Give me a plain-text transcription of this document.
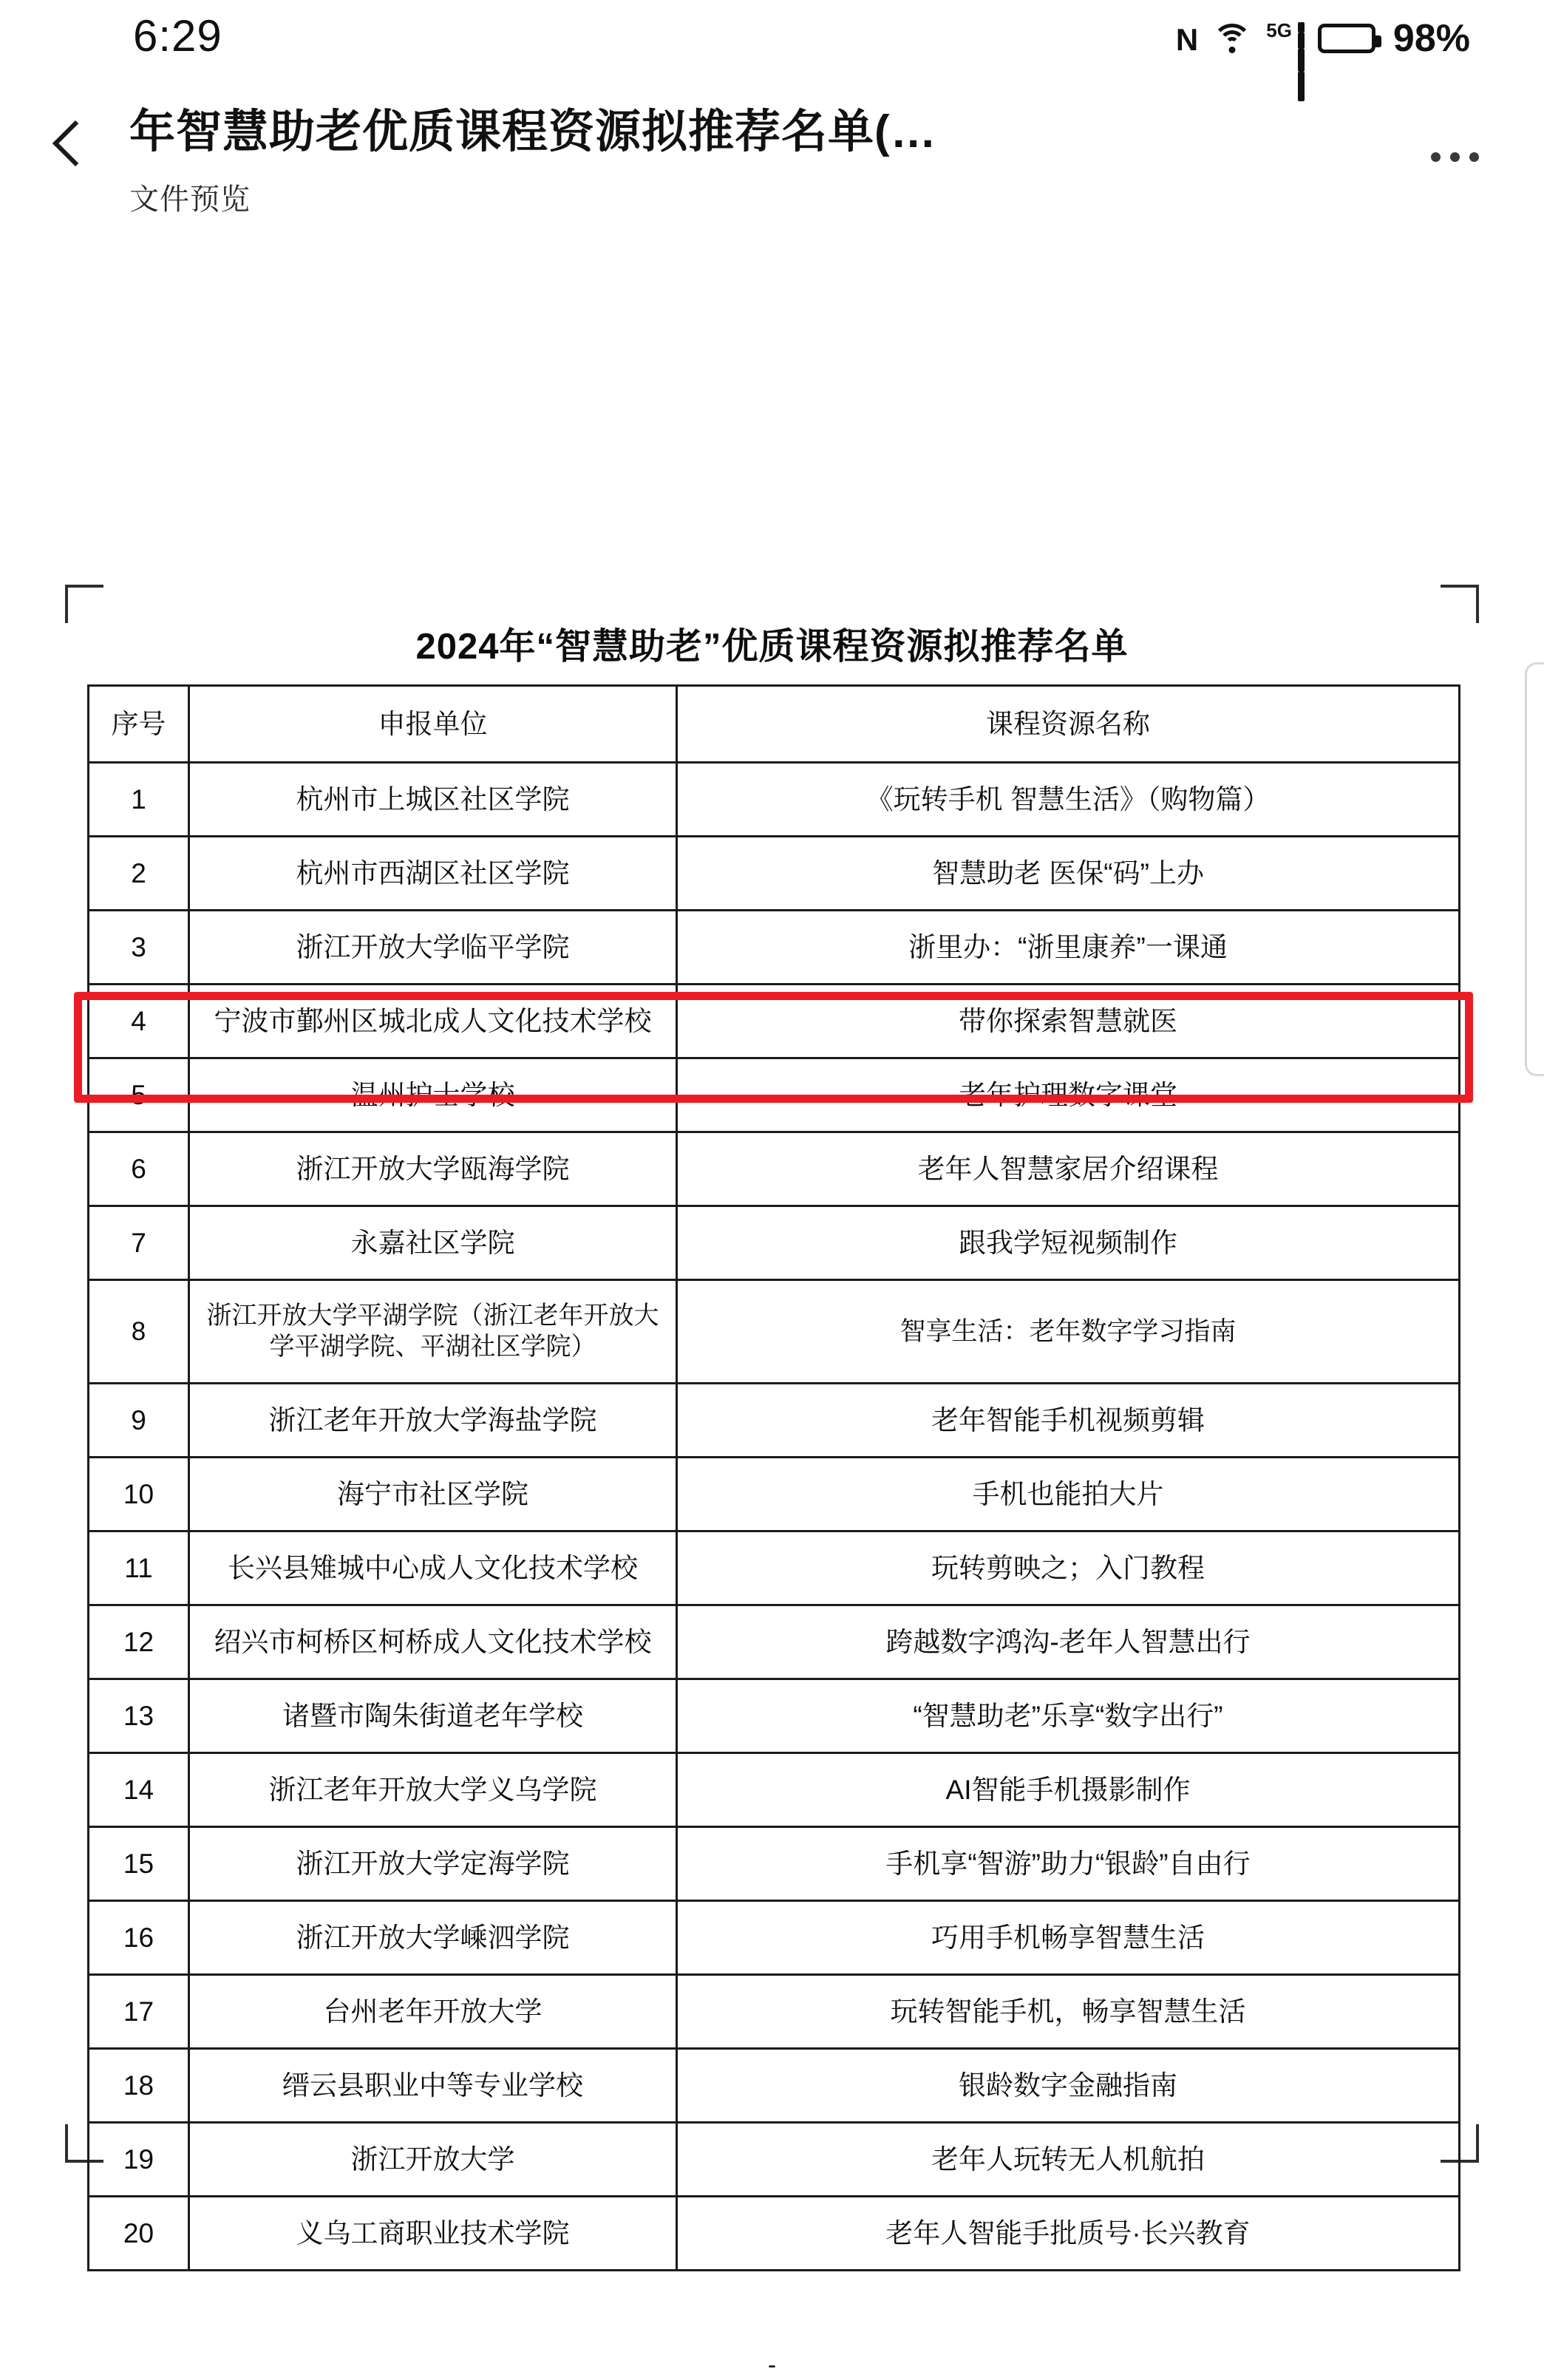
6:29	N	5G	98%
年智慧助老优质课程资源拟推荐名单(…
文件预览
2024年“智慧助老”优质课程资源拟推荐名单
序号	申报单位	课程资源名称
1	杭州市上城区社区学院	《玩转手机 智慧生活》（购物篇）
2	杭州市西湖区社区学院	智慧助老 医保“码”上办
3	浙江开放大学临平学院	浙里办：“浙里康养”一课通
4	宁波市鄞州区城北成人文化技术学校	带你探索智慧就医
5	温州护士学校	老年护理数字课堂
6	浙江开放大学瓯海学院	老年人智慧家居介绍课程
7	永嘉社区学院	跟我学短视频制作
8	浙江开放大学平湖学院（浙江老年开放大学平湖学院、平湖社区学院）	智享生活：老年数字学习指南
9	浙江老年开放大学海盐学院	老年智能手机视频剪辑
10	海宁市社区学院	手机也能拍大片
11	长兴县雉城中心成人文化技术学校	玩转剪映之；入门教程
12	绍兴市柯桥区柯桥成人文化技术学校	跨越数字鸿沟-老年人智慧出行
13	诸暨市陶朱街道老年学校	“智慧助老”乐享“数字出行”
14	浙江老年开放大学义乌学院	AI智能手机摄影制作
15	浙江开放大学定海学院	手机享“智游”助力“银龄”自由行
16	浙江开放大学嵊泗学院	巧用手机畅享智慧生活
17	台州老年开放大学	玩转智能手机，畅享智慧生活
18	缙云县职业中等专业学校	银龄数字金融指南
19	浙江开放大学	老年人玩转无人机航拍
20	义乌工商职业技术学院	老年人智能手批质号·长兴教育
-
